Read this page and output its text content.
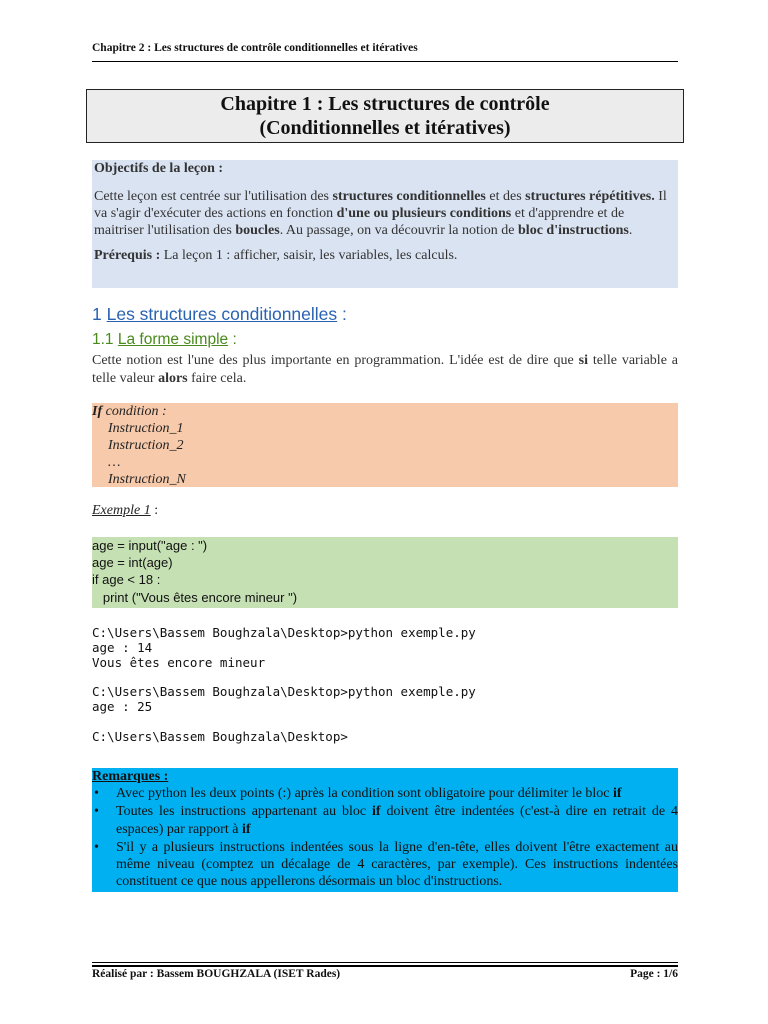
Chapitre 2 : Les structures de contrôle conditionnelles et itératives
Chapitre 1 : Les structures de contrôle
(Conditionnelles et itératives)
Objectifs de la leçon :
Cette leçon est centrée sur l'utilisation des structures conditionnelles et des structures répétitives. Il va s'agir d'exécuter des actions en fonction d'une ou plusieurs conditions et d'apprendre et de maitriser l'utilisation des boucles. Au passage, on va découvrir la notion de bloc d'instructions.
Prérequis : La leçon 1 : afficher, saisir, les variables, les calculs.
1 Les structures conditionnelles :
1.1 La forme simple :
Cette notion est l'une des plus importante en programmation. L'idée est de dire que si telle variable a telle valeur alors faire cela.
If condition :
Instruction_1
Instruction_2
…
Instruction_N
Exemple 1 :
age = input("age : ")
age = int(age)
if age < 18 :
print ("Vous êtes encore mineur ")
C:\Users\Bassem Boughzala\Desktop>python exemple.py
age : 14
Vous êtes encore mineur

C:\Users\Bassem Boughzala\Desktop>python exemple.py
age : 25

C:\Users\Bassem Boughzala\Desktop>
Remarques :
• Avec python les deux points (:) après la condition sont obligatoire pour délimiter le bloc if
• Toutes les instructions appartenant au bloc if doivent être indentées (c'est-à dire en retrait de 4 espaces) par rapport à if
• S'il y a plusieurs instructions indentées sous la ligne d'en-tête, elles doivent l'être exactement au même niveau (comptez un décalage de 4 caractères, par exemple). Ces instructions indentées constituent ce que nous appellerons désormais un bloc d'instructions.
Réalisé par : Bassem BOUGHZALA (ISET Rades)	Page : 1/6
